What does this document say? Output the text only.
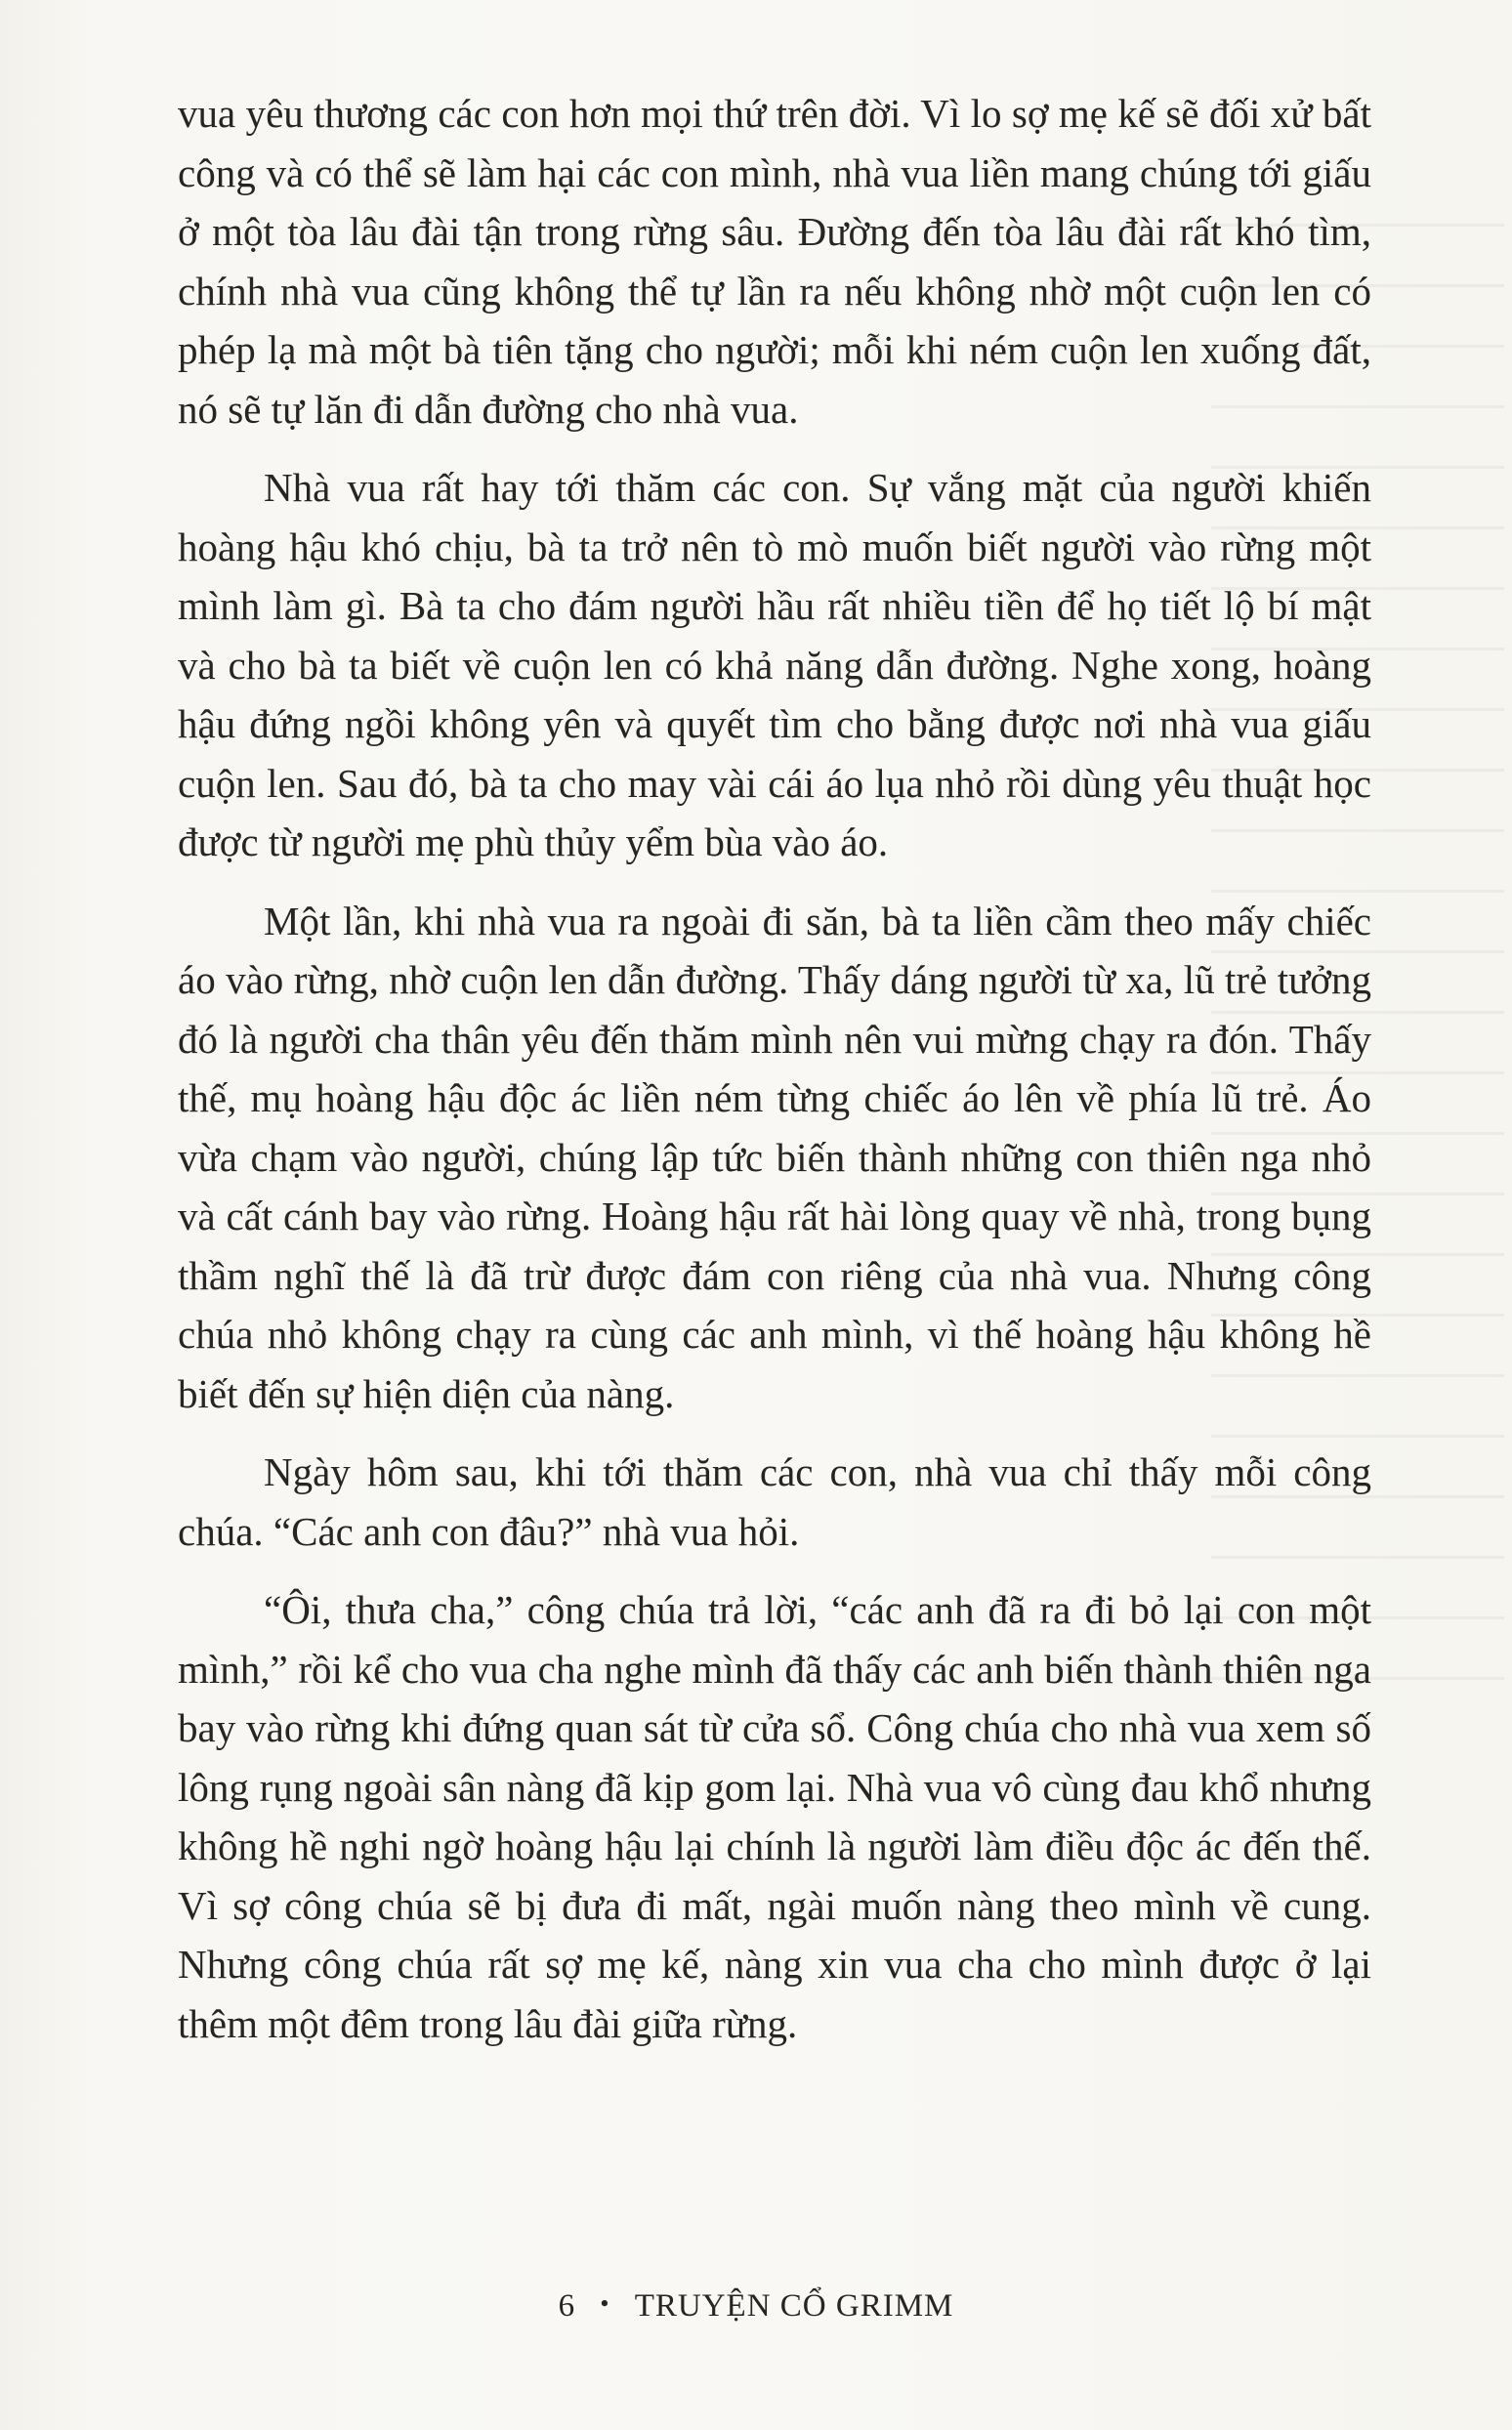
vua yêu thương các con hơn mọi thứ trên đời. Vì lo sợ mẹ kế sẽ đối xử bất công và có thể sẽ làm hại các con mình, nhà vua liền mang chúng tới giấu ở một tòa lâu đài tận trong rừng sâu. Đường đến tòa lâu đài rất khó tìm, chính nhà vua cũng không thể tự lần ra nếu không nhờ một cuộn len có phép lạ mà một bà tiên tặng cho người; mỗi khi ném cuộn len xuống đất, nó sẽ tự lăn đi dẫn đường cho nhà vua.

Nhà vua rất hay tới thăm các con. Sự vắng mặt của người khiến hoàng hậu khó chịu, bà ta trở nên tò mò muốn biết người vào rừng một mình làm gì. Bà ta cho đám người hầu rất nhiều tiền để họ tiết lộ bí mật và cho bà ta biết về cuộn len có khả năng dẫn đường. Nghe xong, hoàng hậu đứng ngồi không yên và quyết tìm cho bằng được nơi nhà vua giấu cuộn len. Sau đó, bà ta cho may vài cái áo lụa nhỏ rồi dùng yêu thuật học được từ người mẹ phù thủy yểm bùa vào áo.

Một lần, khi nhà vua ra ngoài đi săn, bà ta liền cầm theo mấy chiếc áo vào rừng, nhờ cuộn len dẫn đường. Thấy dáng người từ xa, lũ trẻ tưởng đó là người cha thân yêu đến thăm mình nên vui mừng chạy ra đón. Thấy thế, mụ hoàng hậu độc ác liền ném từng chiếc áo lên về phía lũ trẻ. Áo vừa chạm vào người, chúng lập tức biến thành những con thiên nga nhỏ và cất cánh bay vào rừng. Hoàng hậu rất hài lòng quay về nhà, trong bụng thầm nghĩ thế là đã trừ được đám con riêng của nhà vua. Nhưng công chúa nhỏ không chạy ra cùng các anh mình, vì thế hoàng hậu không hề biết đến sự hiện diện của nàng.

Ngày hôm sau, khi tới thăm các con, nhà vua chỉ thấy mỗi công chúa. “Các anh con đâu?” nhà vua hỏi.

“Ôi, thưa cha,” công chúa trả lời, “các anh đã ra đi bỏ lại con một mình,” rồi kể cho vua cha nghe mình đã thấy các anh biến thành thiên nga bay vào rừng khi đứng quan sát từ cửa sổ. Công chúa cho nhà vua xem số lông rụng ngoài sân nàng đã kịp gom lại. Nhà vua vô cùng đau khổ nhưng không hề nghi ngờ hoàng hậu lại chính là người làm điều độc ác đến thế. Vì sợ công chúa sẽ bị đưa đi mất, ngài muốn nàng theo mình về cung. Nhưng công chúa rất sợ mẹ kế, nàng xin vua cha cho mình được ở lại thêm một đêm trong lâu đài giữa rừng.

6 • TRUYỆN CỔ GRIMM
